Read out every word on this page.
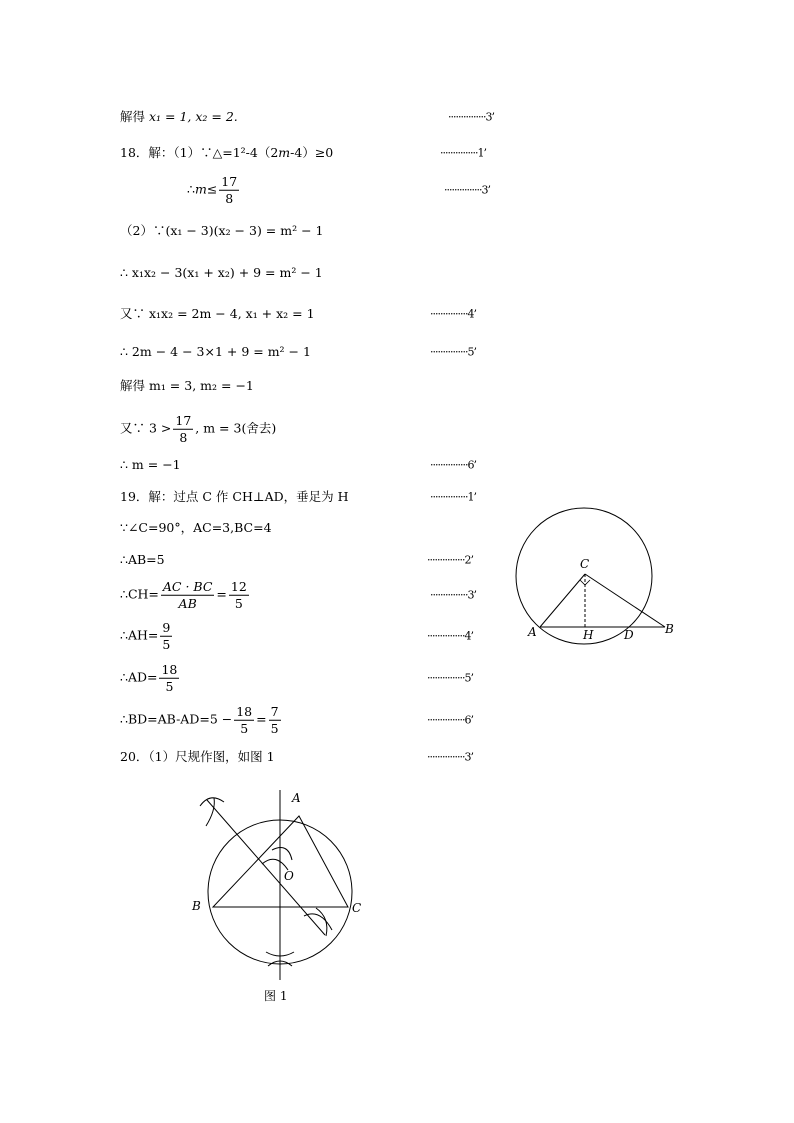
解得 x₁ = 1, x₂ = 2.	···············3’
18．解：（1）∵△=1²-4（2m-4）≥0	···············1’
∴m≤ $\frac{17}{8}$	···············3’
（2）∵(x₁ − 3)(x₂ − 3) = m² − 1
∴ x₁x₂ − 3(x₁ + x₂) + 9 = m² − 1
又∵ x₁x₂ = 2m − 4, x₁ + x₂ = 1	···············4’
∴ 2m − 4 − 3×1 + 9 = m² − 1	···············5’
解得 m₁ = 3, m₂ = −1
又∵ $3 > \frac{17}{8}$ , m = 3(舍去)
∴ m = −1	···············6’
19．解：过点 C 作 CH⊥AD，垂足为 H	···············1’
∵∠C=90°，AC=3,BC=4
∴AB=5	···············2’
∴CH= $\frac{AC \cdot BC}{AB} = \frac{12}{5}$	···············3’
∴AH= $\frac{9}{5}$	···············4’
∴AD= $\frac{18}{5}$	···············5’
∴BD=AB-AD=5 − $\frac{18}{5} = \frac{7}{5}$	···············6’
20．（1）尺规作图，如图 1	···············3’
C
A	H	D	B
A
B	C
O
图 1
